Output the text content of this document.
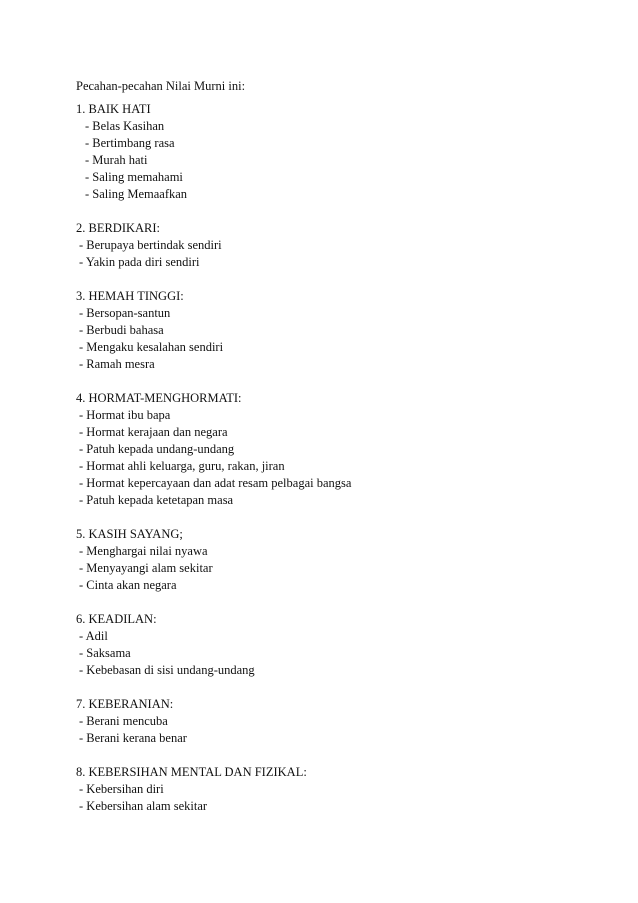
Pecahan-pecahan Nilai Murni ini:
1. BAIK HATI
- Belas Kasihan
- Bertimbang rasa
- Murah hati
- Saling memahami
- Saling Memaafkan
2. BERDIKARI:
- Berupaya bertindak sendiri
- Yakin pada diri sendiri
3. HEMAH TINGGI:
- Bersopan-santun
- Berbudi bahasa
- Mengaku kesalahan sendiri
- Ramah mesra
4. HORMAT-MENGHORMATI:
- Hormat ibu bapa
- Hormat kerajaan dan negara
- Patuh kepada undang-undang
- Hormat ahli keluarga, guru, rakan, jiran
- Hormat kepercayaan dan adat resam pelbagai bangsa
- Patuh kepada ketetapan masa
5. KASIH SAYANG;
- Menghargai nilai nyawa
- Menyayangi alam sekitar
- Cinta akan negara
6. KEADILAN:
- Adil
- Saksama
- Kebebasan di sisi undang-undang
7. KEBERANIAN:
- Berani mencuba
- Berani kerana benar
8. KEBERSIHAN MENTAL DAN FIZIKAL:
- Kebersihan diri
- Kebersihan alam sekitar
